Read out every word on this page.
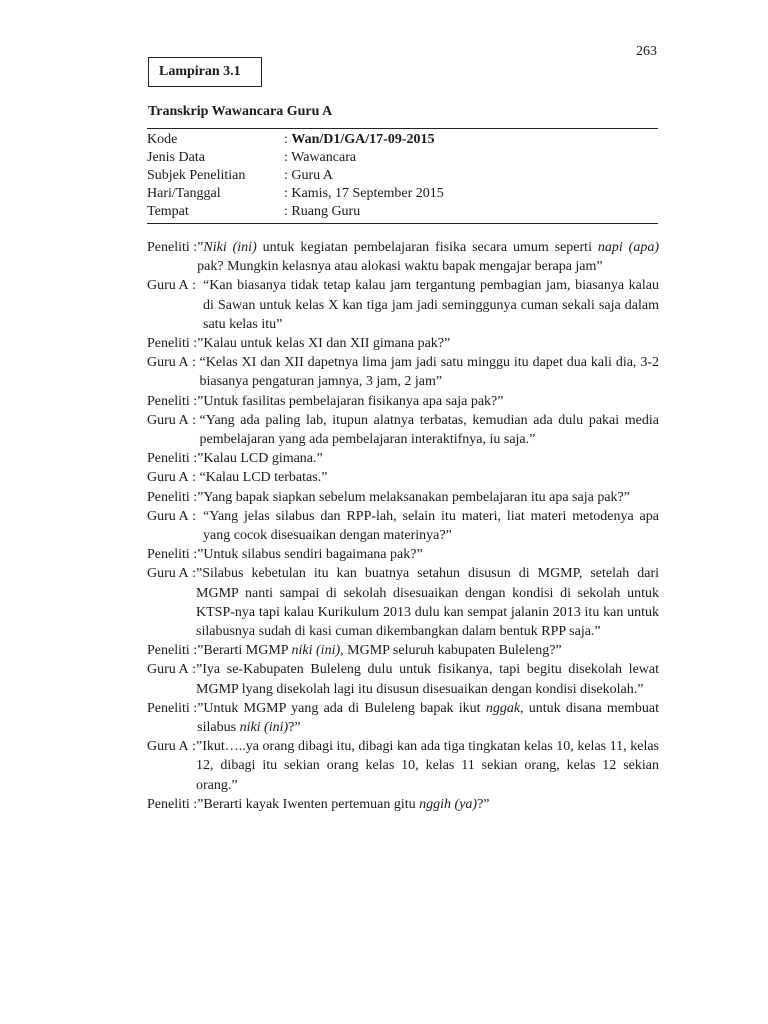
263
Lampiran 3.1
Transkrip Wawancara Guru A
Kode	: Wan/D1/GA/17-09-2015
Jenis Data	: Wawancara
Subjek Penelitian	: Guru A
Hari/Tanggal	: Kamis, 17 September 2015
Tempat	: Ruang Guru
Peneliti : ”Niki (ini) untuk kegiatan pembelajaran fisika secara umum seperti napi (apa) pak? Mungkin kelasnya atau alokasi waktu bapak mengajar berapa jam”
Guru A : “Kan biasanya tidak tetap kalau jam tergantung pembagian jam, biasanya kalau di Sawan untuk kelas X kan tiga jam jadi seminggunya cuman sekali saja dalam satu kelas itu”
Peneliti : ”Kalau untuk kelas XI dan XII gimana pak?”
Guru A : “Kelas XI dan XII dapetnya lima jam jadi satu minggu itu dapet dua kali dia, 3-2 biasanya pengaturan jamnya, 3 jam, 2 jam”
Peneliti : ”Untuk fasilitas pembelajaran fisikanya apa saja pak?”
Guru A : “Yang ada paling lab, itupun alatnya terbatas, kemudian ada dulu pakai media pembelajaran yang ada pembelajaran interaktifnya, iu saja.”
Peneliti : ”Kalau LCD gimana.”
Guru A : “Kalau LCD terbatas.”
Peneliti : ”Yang bapak siapkan sebelum melaksanakan pembelajaran itu apa saja pak?”
Guru A : “Yang jelas silabus dan RPP-lah, selain itu materi, liat materi metodenya apa yang cocok disesuaikan dengan materinya?”
Peneliti : ”Untuk silabus sendiri bagaimana pak?”
Guru A : ”Silabus kebetulan itu kan buatnya setahun disusun di MGMP, setelah dari MGMP nanti sampai di sekolah disesuaikan dengan kondisi di sekolah untuk KTSP-nya tapi kalau Kurikulum 2013 dulu kan sempat jalanin 2013 itu kan untuk silabusnya sudah di kasi cuman dikembangkan dalam bentuk RPP saja.”
Peneliti : ”Berarti MGMP niki (ini), MGMP seluruh kabupaten Buleleng?”
Guru A : ”Iya se-Kabupaten Buleleng dulu untuk fisikanya, tapi begitu disekolah lewat MGMP lyang disekolah lagi itu disusun disesuaikan dengan kondisi disekolah.”
Peneliti : ”Untuk MGMP yang ada di Buleleng bapak ikut nggak, untuk disana membuat silabus niki (ini)?”
Guru A : ”Ikut…..ya orang dibagi itu, dibagi kan ada tiga tingkatan kelas 10, kelas 11, kelas 12, dibagi itu sekian orang kelas 10, kelas 11 sekian orang, kelas 12 sekian orang.”
Peneliti : ”Berarti kayak Iwenten pertemuan gitu nggih (ya)?”
